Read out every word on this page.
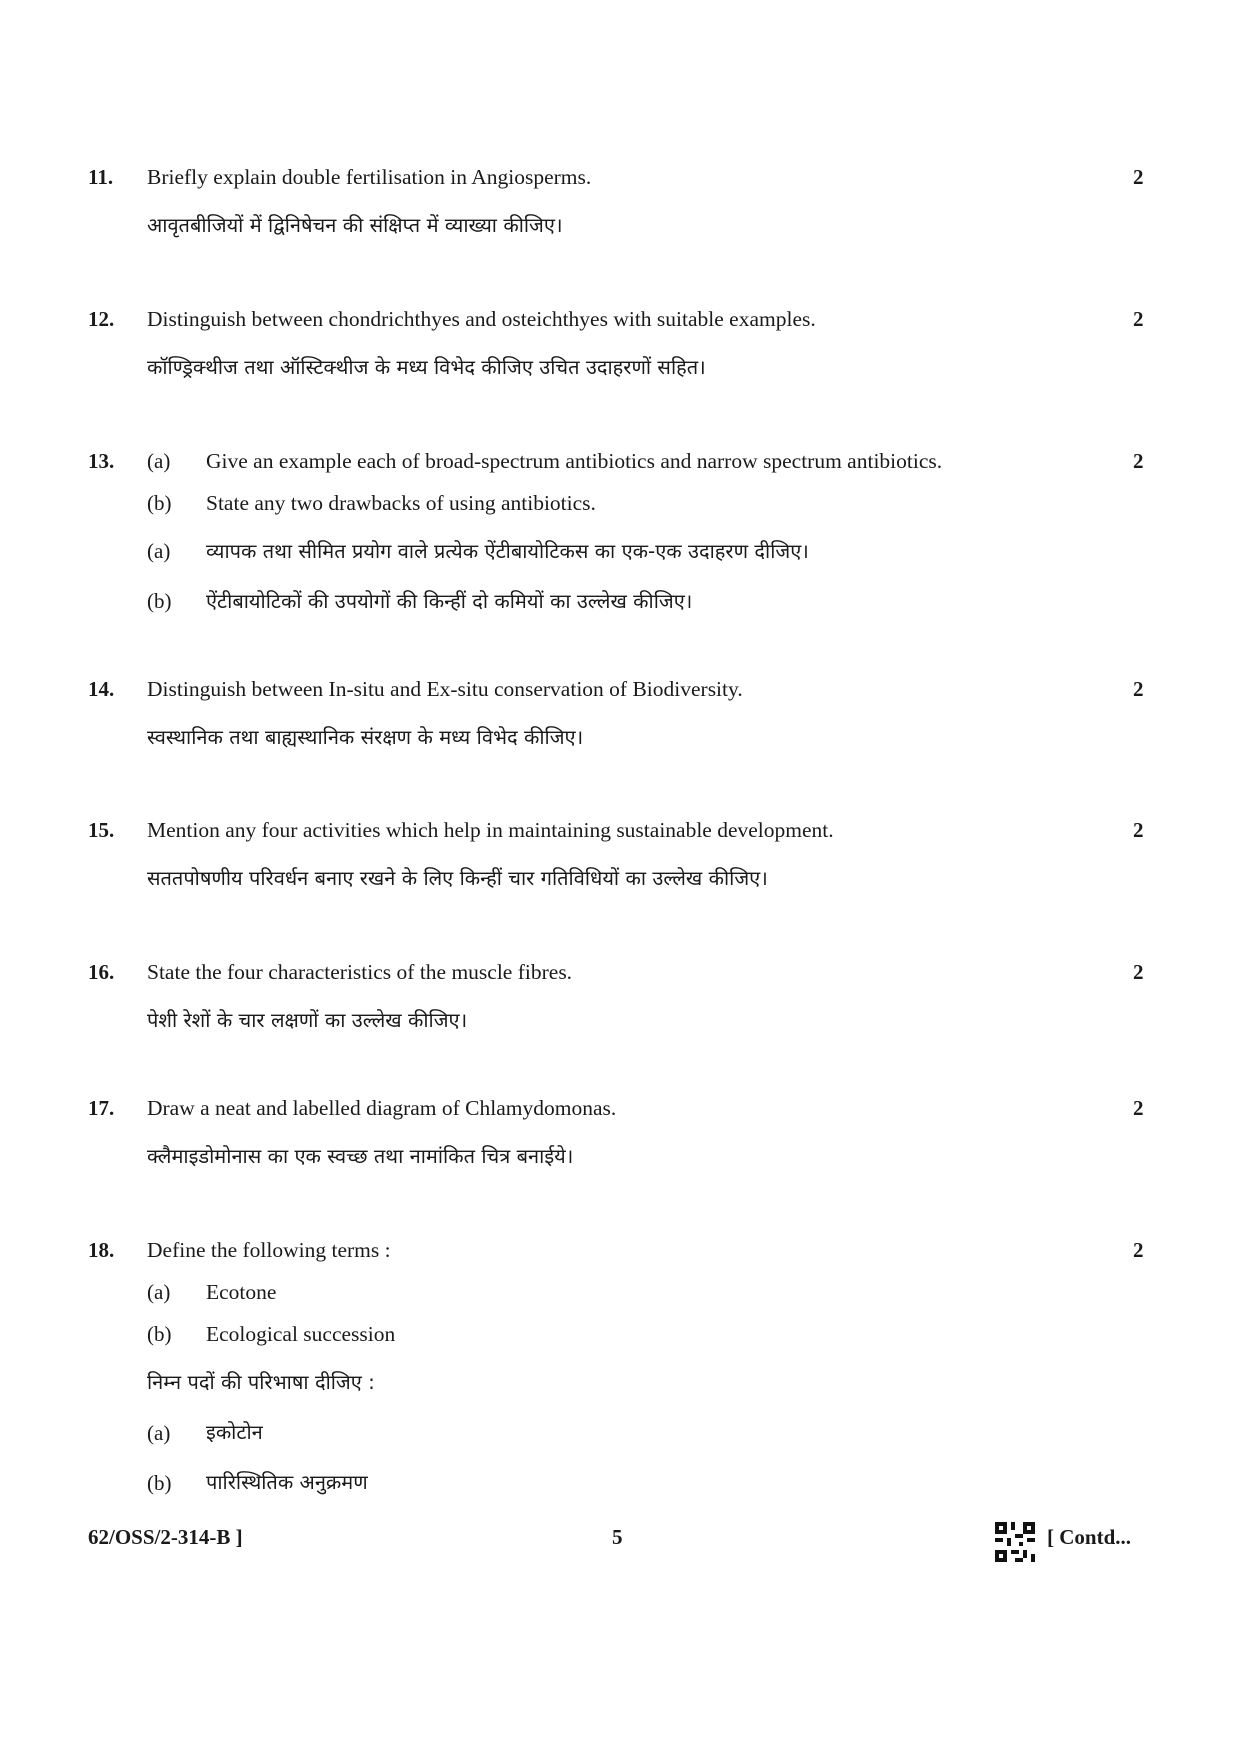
11. Briefly explain double fertilisation in Angiosperms.	2
आवृतबीजियों में द्विनिषेचन की संक्षिप्त में व्याख्या कीजिए।
12. Distinguish between chondrichthyes and osteichthyes with suitable examples.	2
कॉण्ड्रिक्थीज तथा ऑस्टिक्थीज के मध्य विभेद कीजिए उचित उदाहरणों सहित।
13. (a) Give an example each of broad-spectrum antibiotics and narrow spectrum antibiotics.	2
(b) State any two drawbacks of using antibiotics.
(a) व्यापक तथा सीमित प्रयोग वाले प्रत्येक ऐंटीबायोटिकस का एक-एक उदाहरण दीजिए।
(b) ऐंटीबायोटिकों की उपयोगों की किन्हीं दो कमियों का उल्लेख कीजिए।
14. Distinguish between In-situ and Ex-situ conservation of Biodiversity.	2
स्वस्थानिक तथा बाह्यस्थानिक संरक्षण के मध्य विभेद कीजिए।
15. Mention any four activities which help in maintaining sustainable development.	2
सततपोषणीय परिवर्धन बनाए रखने के लिए किन्हीं चार गतिविधियों का उल्लेख कीजिए।
16. State the four characteristics of the muscle fibres.	2
पेशी रेशों के चार लक्षणों का उल्लेख कीजिए।
17. Draw a neat and labelled diagram of Chlamydomonas.	2
क्लैमाइडोमोनास का एक स्वच्छ तथा नामांकित चित्र बनाईये।
18. Define the following terms :	2
(a) Ecotone
(b) Ecological succession
निम्न पदों की परिभाषा दीजिए :
(a) इकोटोन
(b) पारिस्थितिक अनुक्रमण
62/OSS/2-314-B ]	5	[ Contd...
